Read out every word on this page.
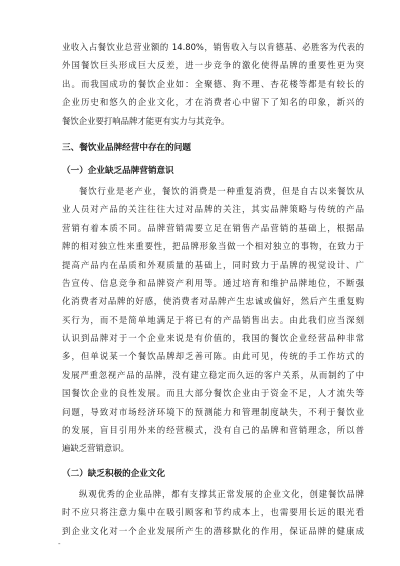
业收入占餐饮业总营业额的 14.80%，销售收入与以肯德基、必胜客为代表的
外国餐饮巨头形成巨大反差，进一步竞争的激化使得品牌的重要性更为突
出。而我国成功的餐饮企业如：全聚德、狗不理、杏花楼等都是有较长的
企业历史和悠久的企业文化，才在消费者心中留下了知名的印象，新兴的
餐饮企业要打响品牌才能更有实力与其竞争。
三、餐饮业品牌经营中存在的问题
（一）企业缺乏品牌营销意识
餐饮行业是老产业，餐饮的消费是一种重复消费，但是自古以来餐饮从
业人员对产品的关注往往大过对品牌的关注，其实品牌策略与传统的产品
营销有着本质不同。品牌营销需要立足在销售产品营销的基础上，根据品
牌的相对独立性来重要性，把品牌形象当做一个相对独立的事物，在致力于
提高产品内在品质和外观质量的基础上，同时致力于品牌的视觉设计、广
告宣传、信息竞争和品牌资产利用等。通过培育和维护品牌地位，不断强
化消费者对品牌的好感，使消费者对品牌产生忠诚或偏好，然后产生重复购
买行为，而不是简单地满足于将已有的产品销售出去。由此我们应当深刻
认识到品牌对于一个企业来说是有价值的，我国的餐饮企业经营品种非常
多，但单说某一个餐饮品牌却乏善可陈。由此可见，传统的手工作坊式的
发展严重忽视产品的品牌，没有建立稳定而久远的客户关系，从而制约了中
国餐饮企业的良性发展。而且大部分餐饮企业由于资金不足，人才流失等
问题，导致对市场经济环境下的预测能力和管理制度缺失，不利于餐饮业
的发展，盲目引用外来的经营模式，没有自己的品牌和营销理念，所以普
遍缺乏营销意识。
（二）缺乏积极的企业文化
纵观优秀的企业品牌，都有支撑其正常发展的企业文化，创建餐饮品牌
时不应只将注意力集中在吸引顾客和节约成本上，也需要用长远的眼光看
到企业文化对一个企业发展所产生的潜移默化的作用，保证品牌的健康成
-
